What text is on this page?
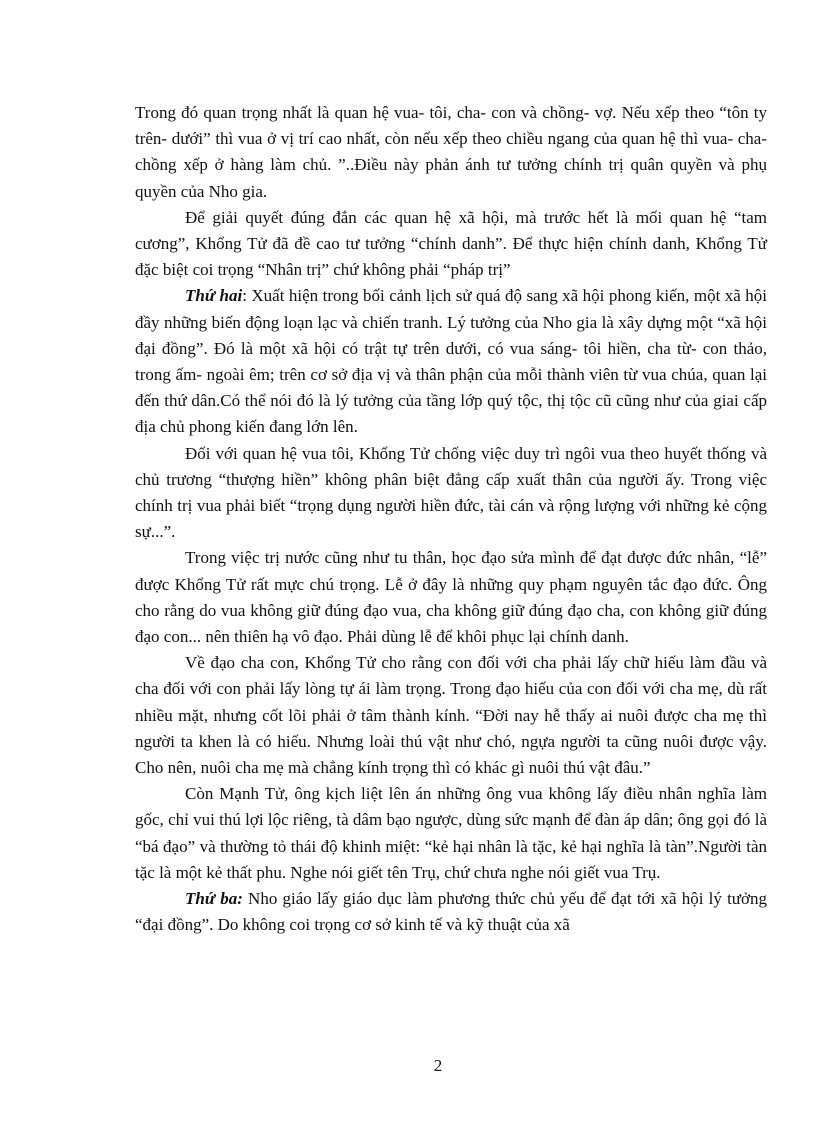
Trong đó quan trọng nhất là quan hệ vua- tôi, cha- con và chồng- vợ. Nếu xếp theo “tôn ty trên- dưới” thì vua ở vị trí cao nhất, còn nếu xếp theo chiều ngang của quan hệ thì vua- cha- chồng xếp ở hàng làm chủ. ”..Điều này phản ánh tư tưởng chính trị quân quyền và phụ quyền của Nho gia.

Để giải quyết đúng đắn các quan hệ xã hội, mà trước hết là mối quan hệ “tam cương”, Khổng Tử đã đề cao tư tưởng “chính danh”. Để thực hiện chính danh, Khổng Tử đặc biệt coi trọng “Nhân trị” chứ không phải “pháp trị”

Thứ hai: Xuất hiện trong bối cảnh lịch sử quá độ sang xã hội phong kiến, một xã hội đầy những biến động loạn lạc và chiến tranh. Lý tưởng của Nho gia là xây dựng một “xã hội đại đồng”. Đó là một xã hội có trật tự trên dưới, có vua sáng- tôi hiền, cha từ- con thảo, trong ấm- ngoài êm; trên cơ sở địa vị và thân phận của mỗi thành viên từ vua chúa, quan lại đến thứ dân.Có thể nói đó là lý tưởng của tầng lớp quý tộc, thị tộc cũ cũng như của giai cấp địa chủ phong kiến đang lớn lên.

Đối với quan hệ vua tôi, Khổng Tử chống việc duy trì ngôi vua theo huyết thống và chủ trương “thượng hiền” không phân biệt đẳng cấp xuất thân của người ấy. Trong việc chính trị vua phải biết “trọng dụng người hiền đức, tài cán và rộng lượng với những kẻ cộng sự...”.

Trong việc trị nước cũng như tu thân, học đạo sửa mình để đạt được đức nhân, “lễ” được Khổng Tử rất mực chú trọng. Lễ ở đây là những quy phạm nguyên tắc đạo đức. Ông cho rằng do vua không giữ đúng đạo vua, cha không giữ đúng đạo cha, con không giữ đúng đạo con... nên thiên hạ vô đạo. Phải dùng lễ để khôi phục lại chính danh.

Về đạo cha con, Khổng Tử cho rằng con đối với cha phải lấy chữ hiếu làm đầu và cha đối với con phải lấy lòng tự ái làm trọng. Trong đạo hiếu của con đối với cha mẹ, dù rất nhiều mặt, nhưng cốt lõi phải ở tâm thành kính. “Đời nay hễ thấy ai nuôi được cha mẹ thì người ta khen là có hiếu. Nhưng loài thú vật như chó, ngựa người ta cũng nuôi được vậy. Cho nên, nuôi cha mẹ mà chẳng kính trọng thì có khác gì nuôi thú vật đâu.”

Còn Mạnh Tử, ông kịch liệt lên án những ông vua không lấy điều nhân nghĩa làm gốc, chỉ vui thú lợi lộc riêng, tà dâm bạo ngược, dùng sức mạnh để đàn áp dân; ông gọi đó là “bá đạo” và thường tỏ thái độ khinh miệt: “kẻ hại nhân là tặc, kẻ hại nghĩa là tàn”.Người tàn tặc là một kẻ thất phu. Nghe nói giết tên Trụ, chứ chưa nghe nói giết vua Trụ.

Thứ ba: Nho giáo lấy giáo dục làm phương thức chủ yếu để đạt tới xã hội lý tưởng “đại đồng”. Do không coi trọng cơ sở kinh tế và kỹ thuật của xã

2
